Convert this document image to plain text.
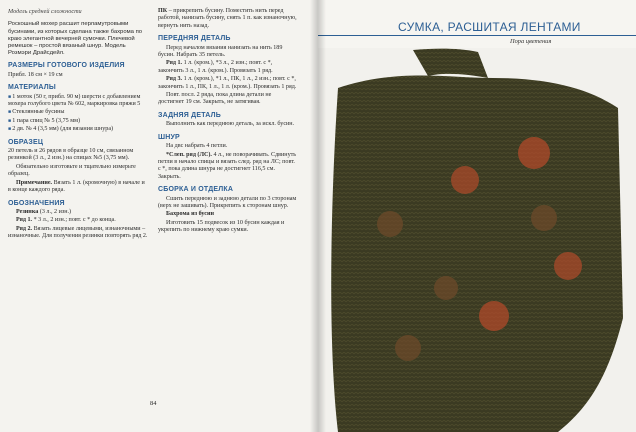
Модель средней сложности

Роскошный мохер расшит перламутровыми бусинами, из которых сделана также бахрома по краю элегантной вечерней сумочки. Плечевой ремешок – простой вязаный шнур. Модель Розмэри Драйсдейл.

РАЗМЕРЫ ГОТОВОГО ИЗДЕЛИЯ

Прибл. 18 см × 19 см

МАТЕРИАЛЫ

■ 1 моток (50 г, прибл. 90 м) шерсти с добавлением мохера голубого цвета № 602, маркировка пряжи 5

■ Стеклянные бусины

■ 1 пара спиц № 5 (3,75 мм)

■ 2 дв. № 4 (3,5 мм) (для вязания шнура)

ОБРАЗЕЦ

20 петель и 26 рядов в образце 10 см, связанном резинкой (3 л., 2 изн.) на спицах №5 (3,75 мм).

Обязательно изготовьте и тщательно измерьте образец.

Примечание. Вязать 1 л. (кромочную) в начале и в конце каждого ряда.

ОБОЗНАЧЕНИЯ

Резинка (3 л., 2 изн.)

Ряд 1. * 3 л., 2 изн.; повт. с * до конца.

Ряд 2. Вязать лицевые лицевыми, изнаночными – изнаночные. Для получения резинки повторять ряд 2.

ПК – прикрепить бусину. Поместить нить перед работой, нанизать бусину, снять 1 п. как изнаночную, вернуть нить назад.

ПЕРЕДНЯЯ ДЕТАЛЬ

Перед началом вязания нанизать на нить 189 бусин. Набрать 35 петель.

Ряд 1. 1 л. (кром.), *3 л., 2 изн.; повт. с *, закончить 3 л., 1 л. (кром.). Провязать 1 ряд.

Ряд 3. 1 л. (кром.), *1 л., ПК, 1 л., 2 изн.; повт. с *, закончить 1 л., ПК, 1 л., 1 л. (кром.). Провязать 1 ряд.

Повт. посл. 2 ряда, пока длина детали не достигнет 19 см. Закрыть, не затягивая.

ЗАДНЯЯ ДЕТАЛЬ

Выполнить как переднюю деталь, за искл. бусин.

ШНУР

На двс набрать 4 петли.

*Слеп. ряд (ЛС). 4 л., не поворачивать. Сдвинуть петли в начало спицы и вязать след. ряд на ЛС; повт. с *, пока длина шнура не достигнет 116,5 см. Закрыть.

СБОРКА И ОТДЕЛКА

Сшить переднюю и заднюю детали по 3 сторонам (верх не зашивать). Прикрепить к сторонам шнур.

Бахрома из бусин

Изготовить 15 подвесок из 10 бусин каждая и укрепить по нижнему краю сумки.

84
СУМКА, РАСШИТАЯ ЛЕНТАМИ
Пора цветения
